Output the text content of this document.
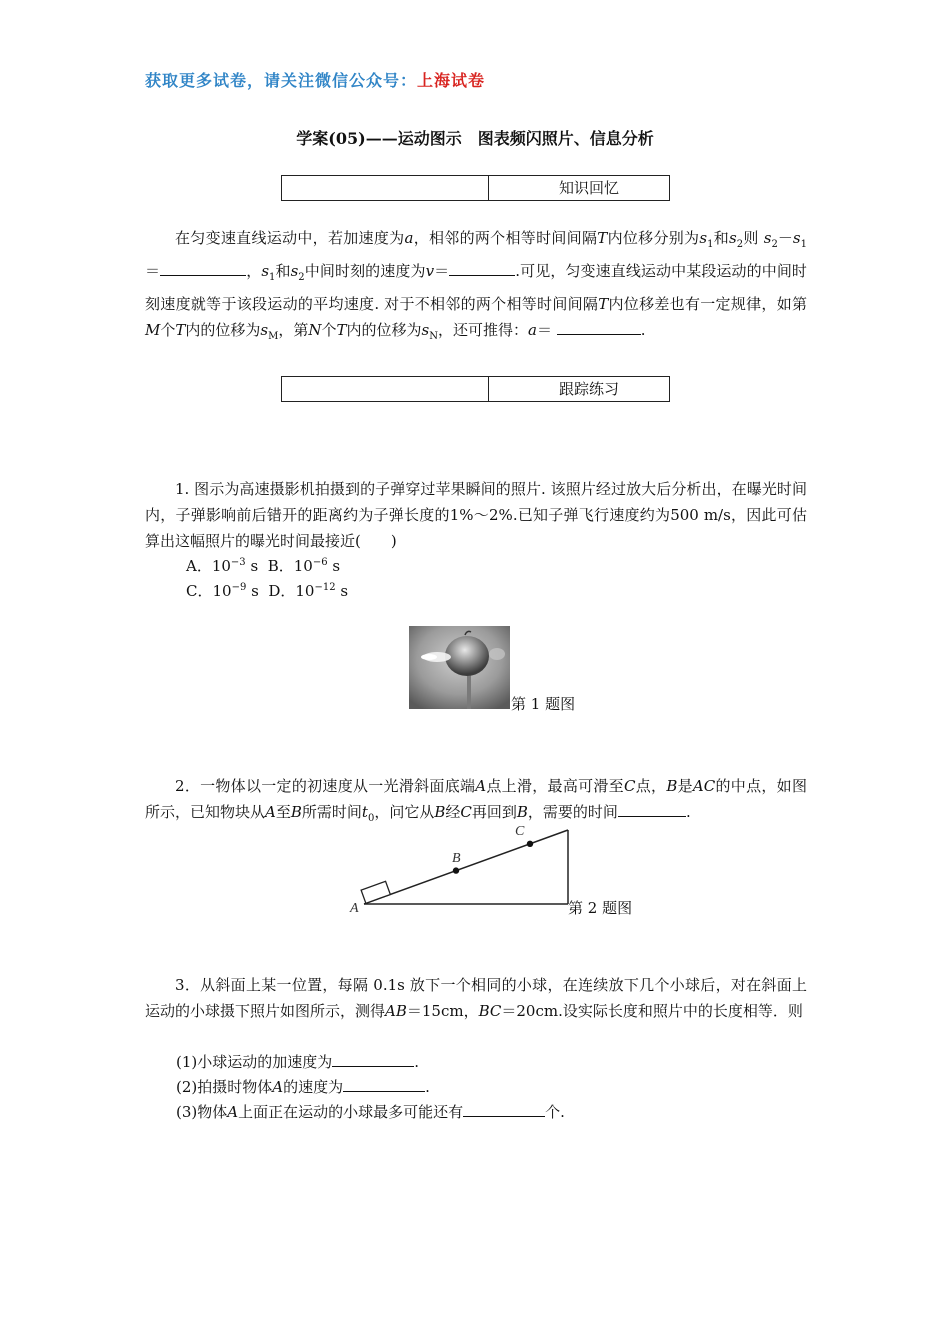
获取更多试卷，请关注微信公众号：上海试卷
学案(05)——运动图示　图表频闪照片、信息分析
知识回忆
在匀变速直线运动中，若加速度为a，相邻的两个相等时间间隔T内位移分别为$s_1$和$s_2$则 $s_2-s_1=$	，$s_1$和$s_2$中间时刻的速度为v＝	.可见，匀变速直线运动中某段运动的中间时刻速度就等于该段运动的平均速度. 对于不相邻的两个相等时间间隔T内位移差也有一定规律，如第M个T内的位移为$s_M$，第N个T内的位移为$s_N$，还可推得：a＝	.
跟踪练习
1. 图示为高速摄影机拍摄到的子弹穿过苹果瞬间的照片. 该照片经过放大后分析出，在曝光时间内，子弹影响前后错开的距离约为子弹长度的1%～2%.已知子弹飞行速度约为500 m/s，因此可估算出这幅照片的曝光时间最接近(　　)
A．$10^{-3}$ s B．$10^{-6}$ s
C．$10^{-9}$ s D．$10^{-12}$ s
第 1 题图
2．一物体以一定的初速度从一光滑斜面底端A点上滑，最高可滑至C点，B是AC的中点，如图所示，已知物块从A至B所需时间$t_0$，问它从B经C再回到B，需要的时间	.
A
B
C
第 2 题图
3．从斜面上某一位置，每隔 0.1s 放下一个相同的小球，在连续放下几个小球后，对在斜面上运动的小球摄下照片如图所示，测得AB＝15cm，BC＝20cm.设实际长度和照片中的长度相等．则
(1)小球运动的加速度为	.
(2)拍摄时物体A的速度为	.
(3)物体A上面正在运动的小球最多可能还有	个.
